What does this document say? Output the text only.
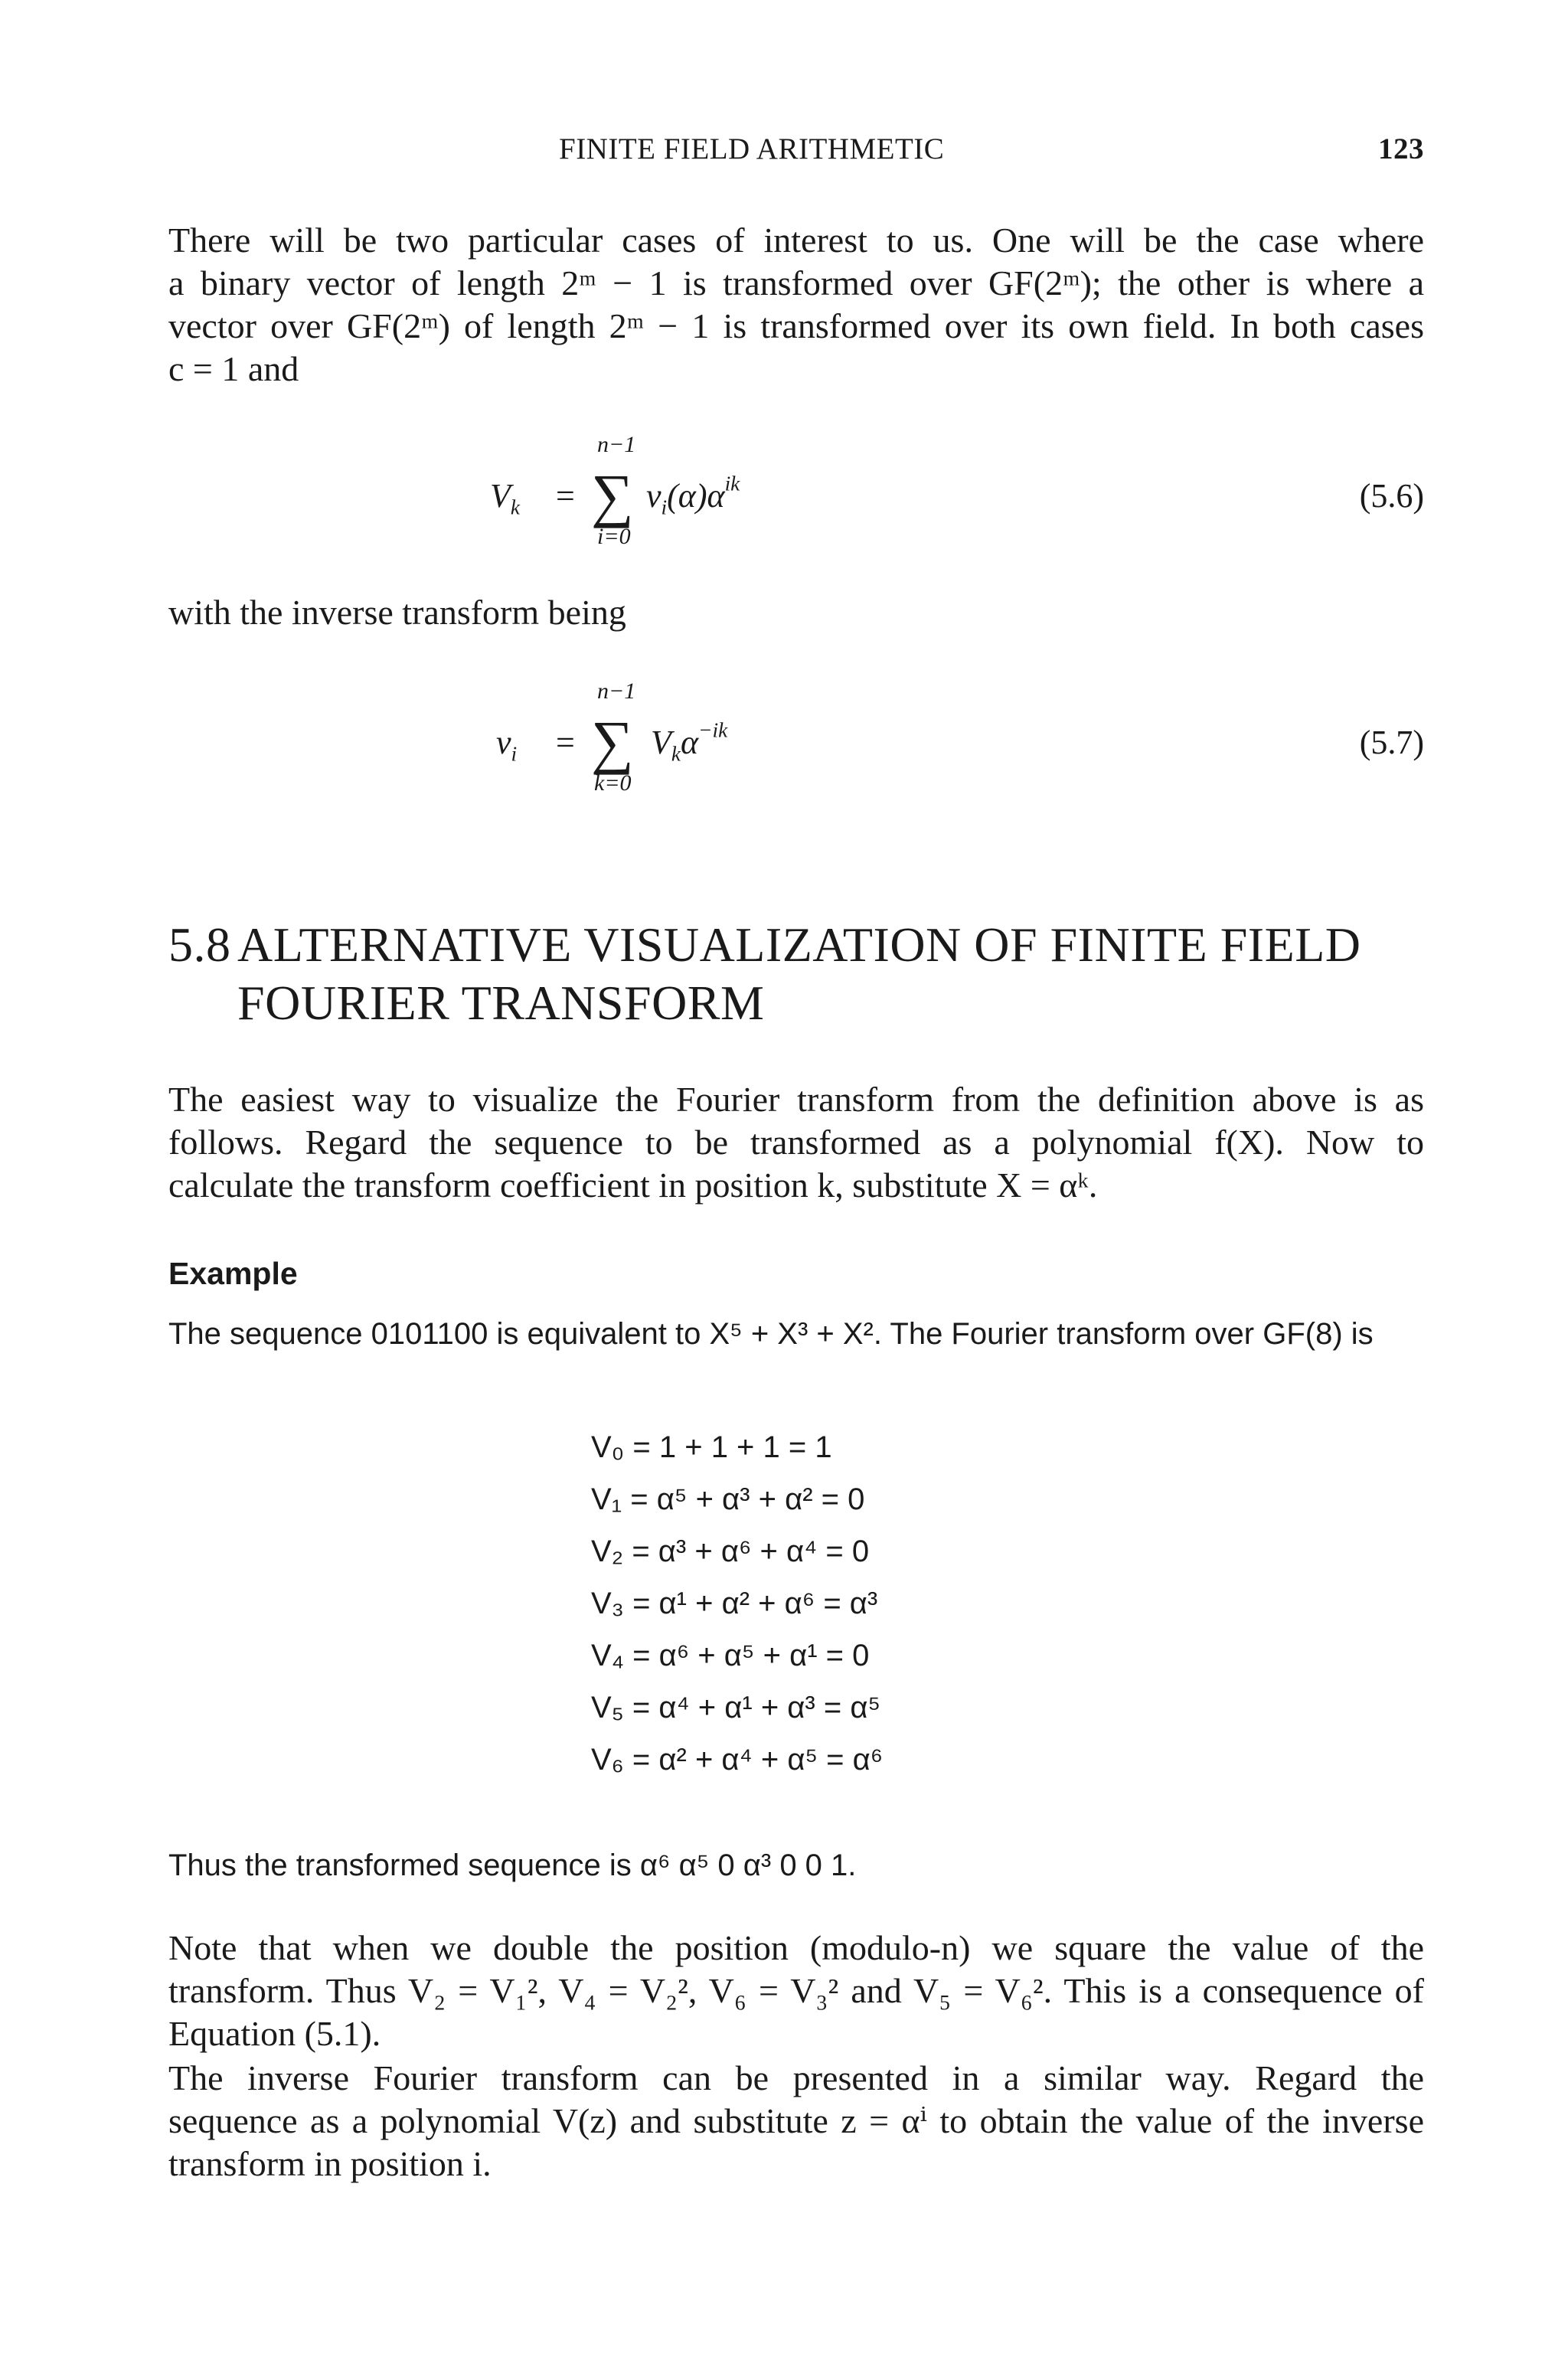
FINITE FIELD ARITHMETIC	123
There will be two particular cases of interest to us. One will be the case where
a binary vector of length 2ᵐ − 1 is transformed over GF(2ᵐ); the other is where a
vector over GF(2ᵐ) of length 2ᵐ − 1 is transformed over its own field. In both cases
c = 1 and
$V_k$ = ∑
n−1
i=0
$v_i(\alpha)\alpha^{ik}$	(5.6)
with the inverse transform being
$v_i$ = ∑
n−1
k=0
$V_k\alpha^{-ik}$	(5.7)
5.8 ALTERNATIVE VISUALIZATION OF FINITE FIELD
FOURIER TRANSFORM
The easiest way to visualize the Fourier transform from the definition above is as
follows. Regard the sequence to be transformed as a polynomial f(X). Now to
calculate the transform coefficient in position k, substitute X = αᵏ.
Example
The sequence 0101100 is equivalent to X⁵ + X³ + X². The Fourier transform over GF(8) is
V₀ = 1 + 1 + 1 = 1
V₁ = α⁵ + α³ + α² = 0
V₂ = α³ + α⁶ + α⁴ = 0
V₃ = α¹ + α² + α⁶ = α³
V₄ = α⁶ + α⁵ + α¹ = 0
V₅ = α⁴ + α¹ + α³ = α⁵
V₆ = α² + α⁴ + α⁵ = α⁶
Thus the transformed sequence is α⁶ α⁵ 0 α³ 0 0 1.
Note that when we double the position (modulo-n) we square the value of the
transform. Thus V₂ = V₁², V₄ = V₂², V₆ = V₃² and V₅ = V₆². This is a consequence of
Equation (5.1).
The inverse Fourier transform can be presented in a similar way. Regard the
sequence as a polynomial V(z) and substitute z = αⁱ to obtain the value of the inverse
transform in position i.
